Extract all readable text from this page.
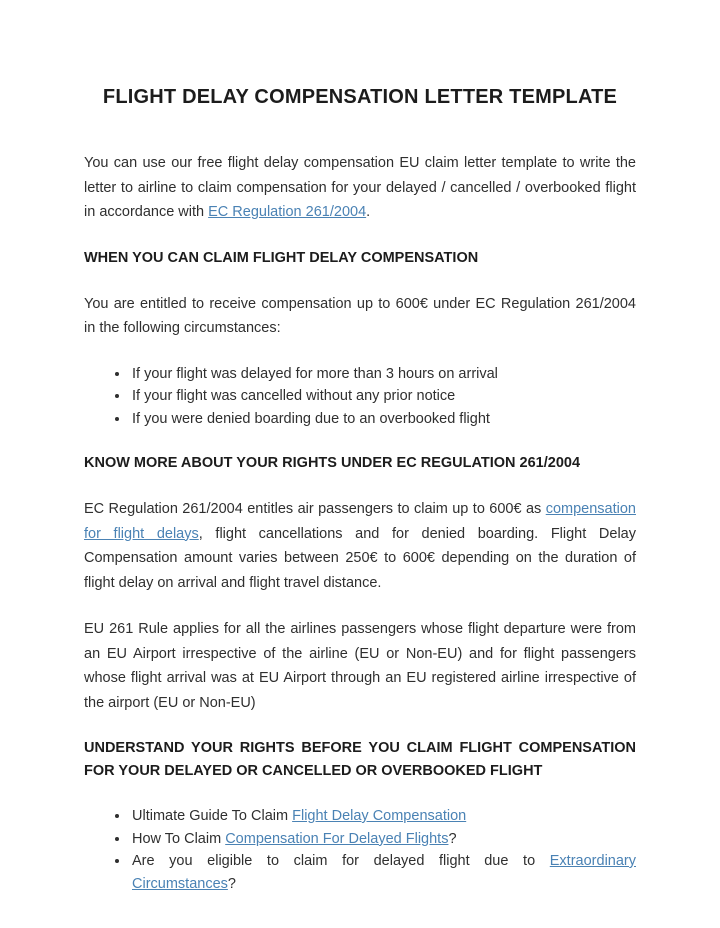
FLIGHT DELAY COMPENSATION LETTER TEMPLATE

You can use our free flight delay compensation EU claim letter template to write the letter to airline to claim compensation for your delayed / cancelled / overbooked flight in accordance with EC Regulation 261/2004.

WHEN YOU CAN CLAIM FLIGHT DELAY COMPENSATION

You are entitled to receive compensation up to 600€ under EC Regulation 261/2004 in the following circumstances:

• If your flight was delayed for more than 3 hours on arrival
• If your flight was cancelled without any prior notice
• If you were denied boarding due to an overbooked flight
KNOW MORE ABOUT YOUR RIGHTS UNDER EC REGULATION 261/2004

EC Regulation 261/2004 entitles air passengers to claim up to 600€ as compensation for flight delays, flight cancellations and for denied boarding. Flight Delay Compensation amount varies between 250€ to 600€ depending on the duration of flight delay on arrival and flight travel distance.

EU 261 Rule applies for all the airlines passengers whose flight departure were from an EU Airport irrespective of the airline (EU or Non-EU) and for flight passengers whose flight arrival was at EU Airport through an EU registered airline irrespective of the airport (EU or Non-EU)

UNDERSTAND YOUR RIGHTS BEFORE YOU CLAIM FLIGHT COMPENSATION FOR YOUR DELAYED OR CANCELLED OR OVERBOOKED FLIGHT
• Ultimate Guide To Claim Flight Delay Compensation
• How To Claim Compensation For Delayed Flights?
• Are you eligible to claim for delayed flight due to Extraordinary Circumstances?
